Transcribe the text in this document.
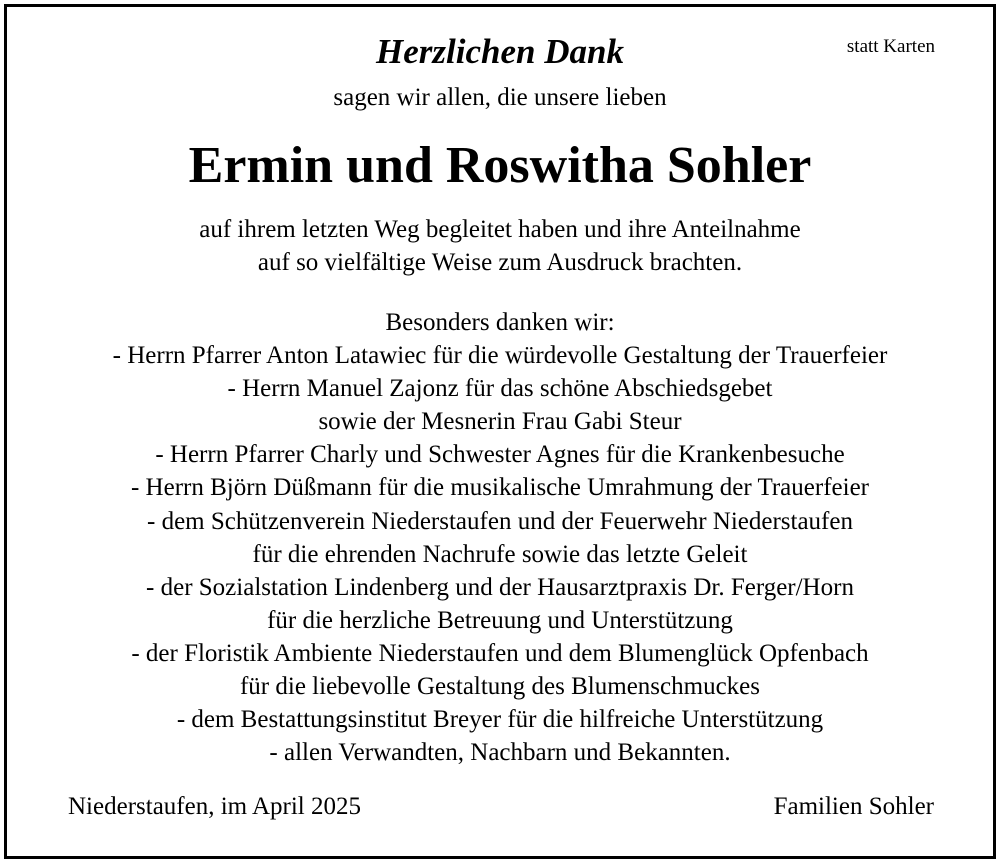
statt Karten
Herzlichen Dank
sagen wir allen, die unsere lieben
Ermin und Roswitha Sohler
auf ihrem letzten Weg begleitet haben und ihre Anteilnahme
auf so vielfältige Weise zum Ausdruck brachten.
Besonders danken wir:
- Herrn Pfarrer Anton Latawiec für die würdevolle Gestaltung der Trauerfeier
- Herrn Manuel Zajonz für das schöne Abschiedsgebet
sowie der Mesnerin Frau Gabi Steur
- Herrn Pfarrer Charly und Schwester Agnes für die Krankenbesuche
- Herrn Björn Düßmann für die musikalische Umrahmung der Trauerfeier
- dem Schützenverein Niederstaufen und der Feuerwehr Niederstaufen
für die ehrenden Nachrufe sowie das letzte Geleit
- der Sozialstation Lindenberg und der Hausarztpraxis Dr. Ferger/Horn
für die herzliche Betreuung und Unterstützung
- der Floristik Ambiente Niederstaufen und dem Blumenglück Opfenbach
für die liebevolle Gestaltung des Blumenschmuckes
- dem Bestattungsinstitut Breyer für die hilfreiche Unterstützung
- allen Verwandten, Nachbarn und Bekannten.
Niederstaufen, im April 2025	Familien Sohler
